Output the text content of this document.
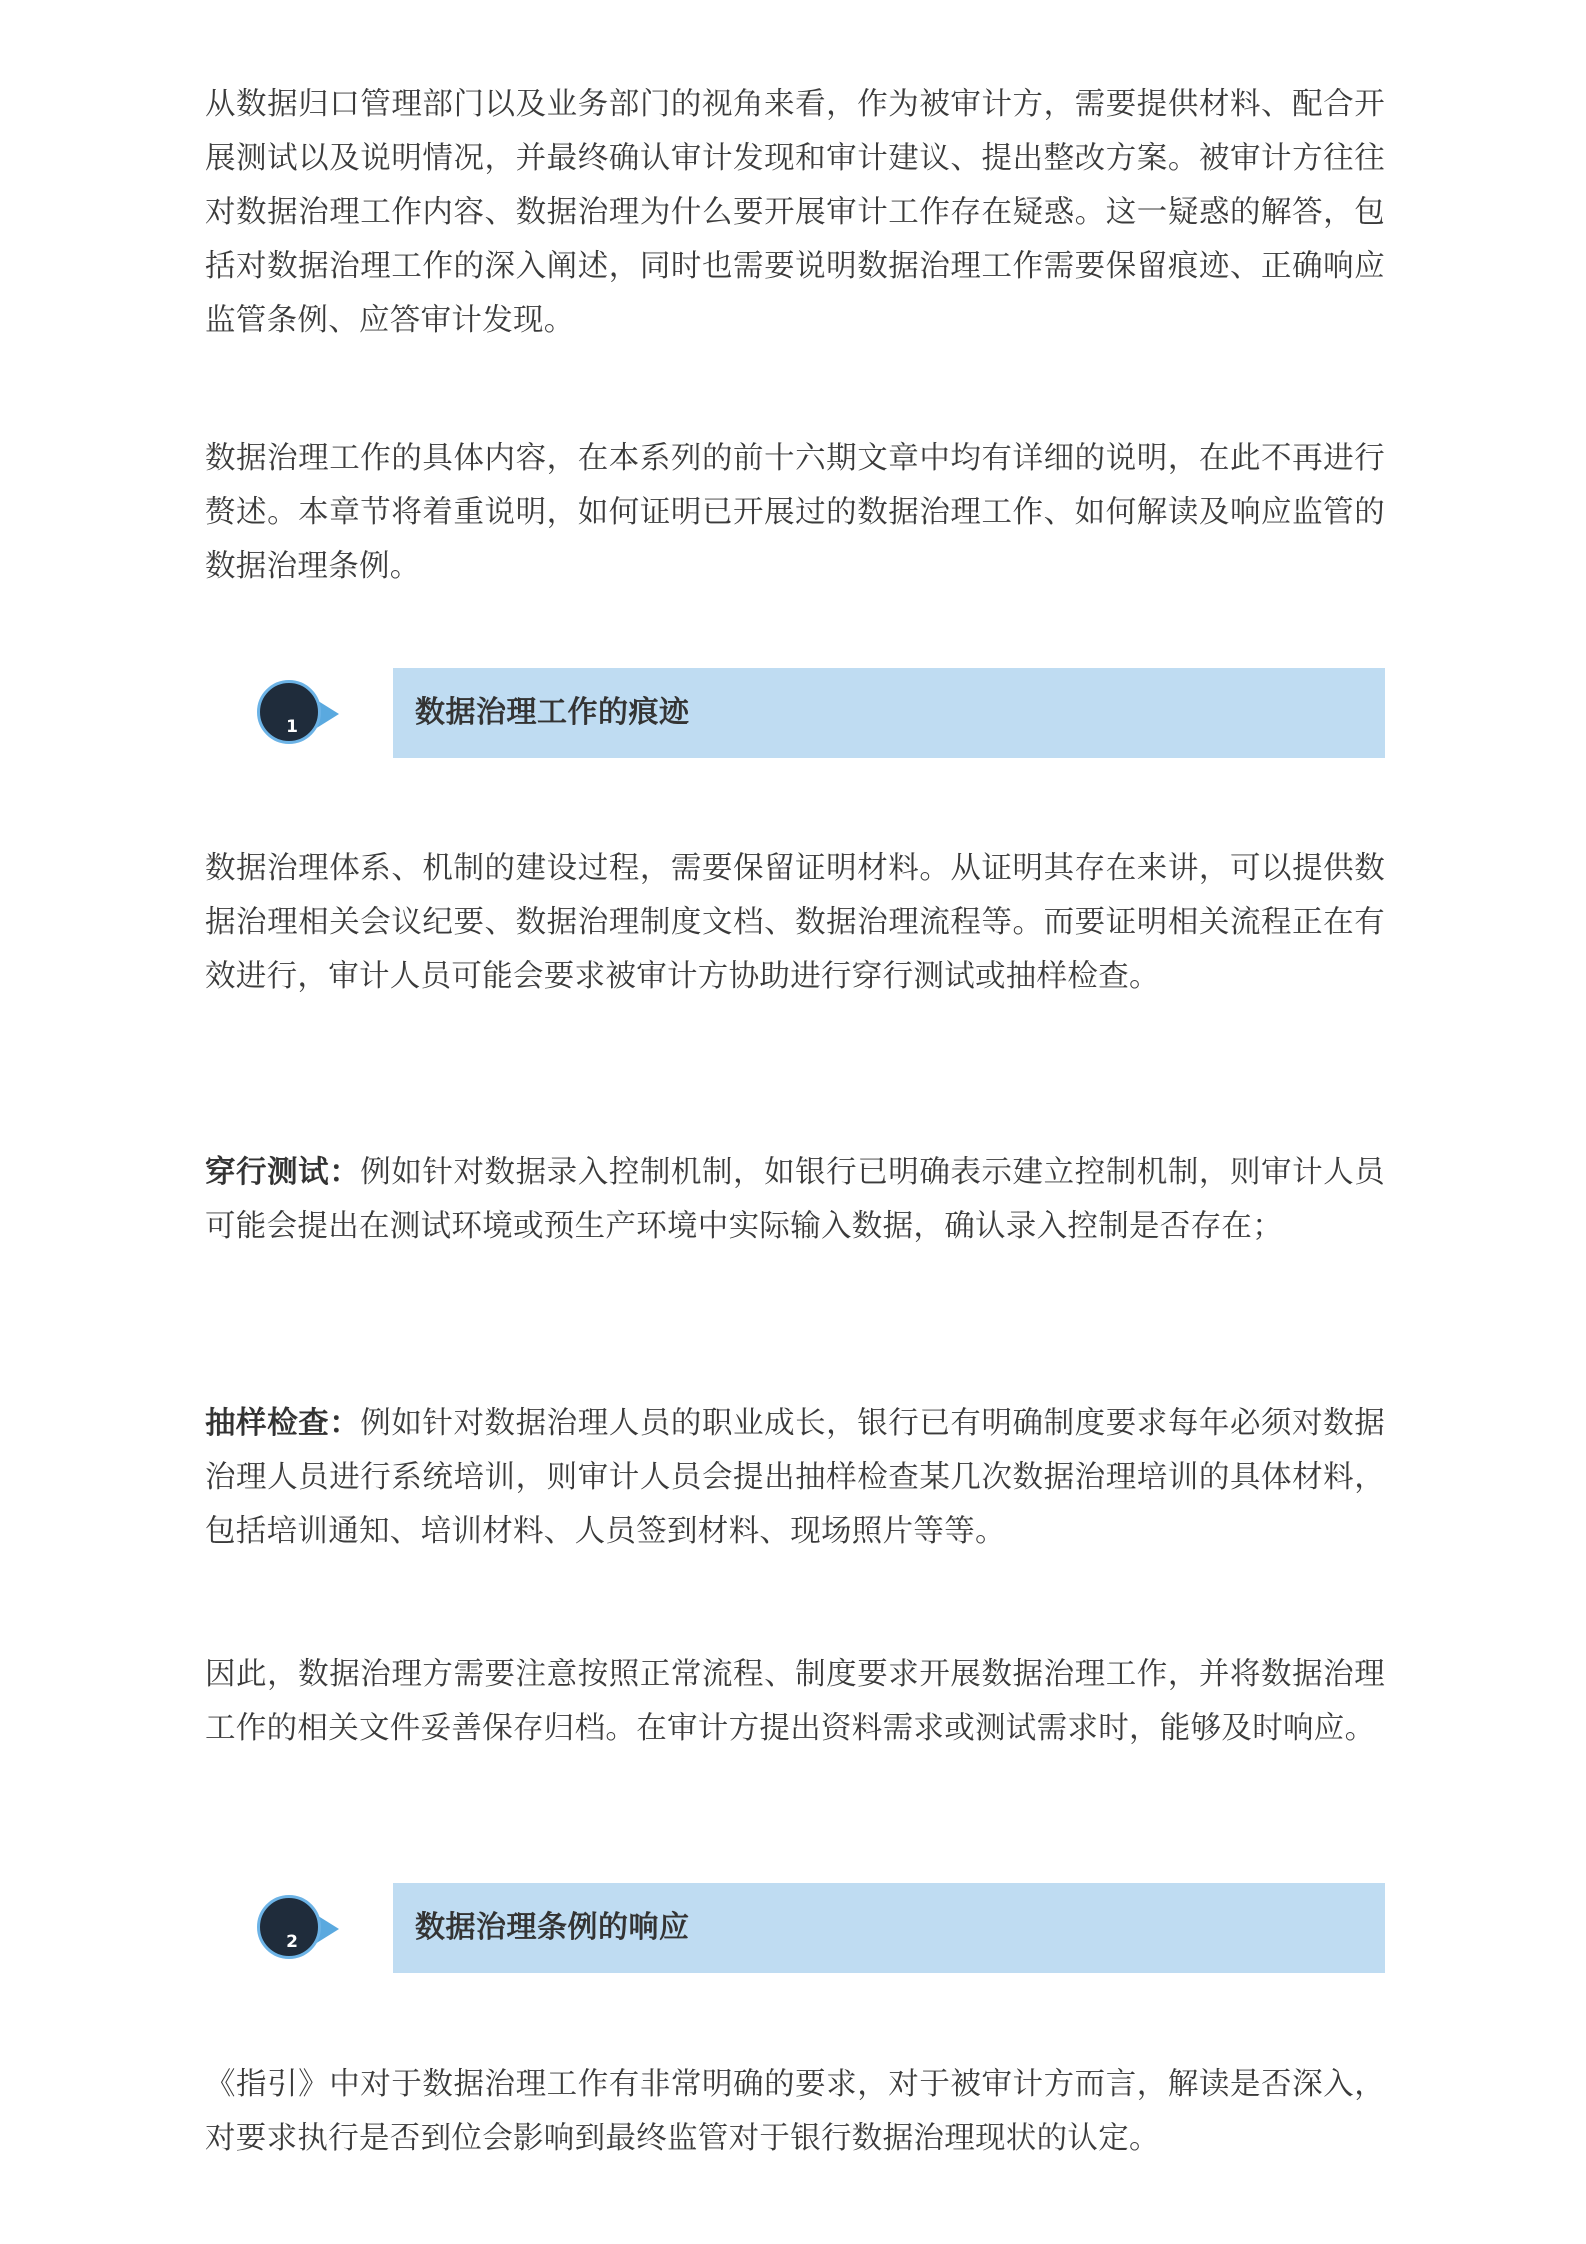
从数据归口管理部门以及业务部门的视角来看，作为被审计方，需要提供材料、配合开展测试以及说明情况，并最终确认审计发现和审计建议、提出整改方案。被审计方往往对数据治理工作内容、数据治理为什么要开展审计工作存在疑惑。这一疑惑的解答，包括对数据治理工作的深入阐述，同时也需要说明数据治理工作需要保留痕迹、正确响应监管条例、应答审计发现。

数据治理工作的具体内容，在本系列的前十六期文章中均有详细的说明，在此不再进行赘述。本章节将着重说明，如何证明已开展过的数据治理工作、如何解读及响应监管的数据治理条例。

1	数据治理工作的痕迹

数据治理体系、机制的建设过程，需要保留证明材料。从证明其存在来讲，可以提供数据治理相关会议纪要、数据治理制度文档、数据治理流程等。而要证明相关流程正在有效进行，审计人员可能会要求被审计方协助进行穿行测试或抽样检查。

穿行测试：例如针对数据录入控制机制，如银行已明确表示建立控制机制，则审计人员可能会提出在测试环境或预生产环境中实际输入数据，确认录入控制是否存在；

抽样检查：例如针对数据治理人员的职业成长，银行已有明确制度要求每年必须对数据治理人员进行系统培训，则审计人员会提出抽样检查某几次数据治理培训的具体材料，包括培训通知、培训材料、人员签到材料、现场照片等等。

因此，数据治理方需要注意按照正常流程、制度要求开展数据治理工作，并将数据治理工作的相关文件妥善保存归档。在审计方提出资料需求或测试需求时，能够及时响应。

2	数据治理条例的响应

《指引》中对于数据治理工作有非常明确的要求，对于被审计方而言，解读是否深入，对要求执行是否到位会影响到最终监管对于银行数据治理现状的认定。
